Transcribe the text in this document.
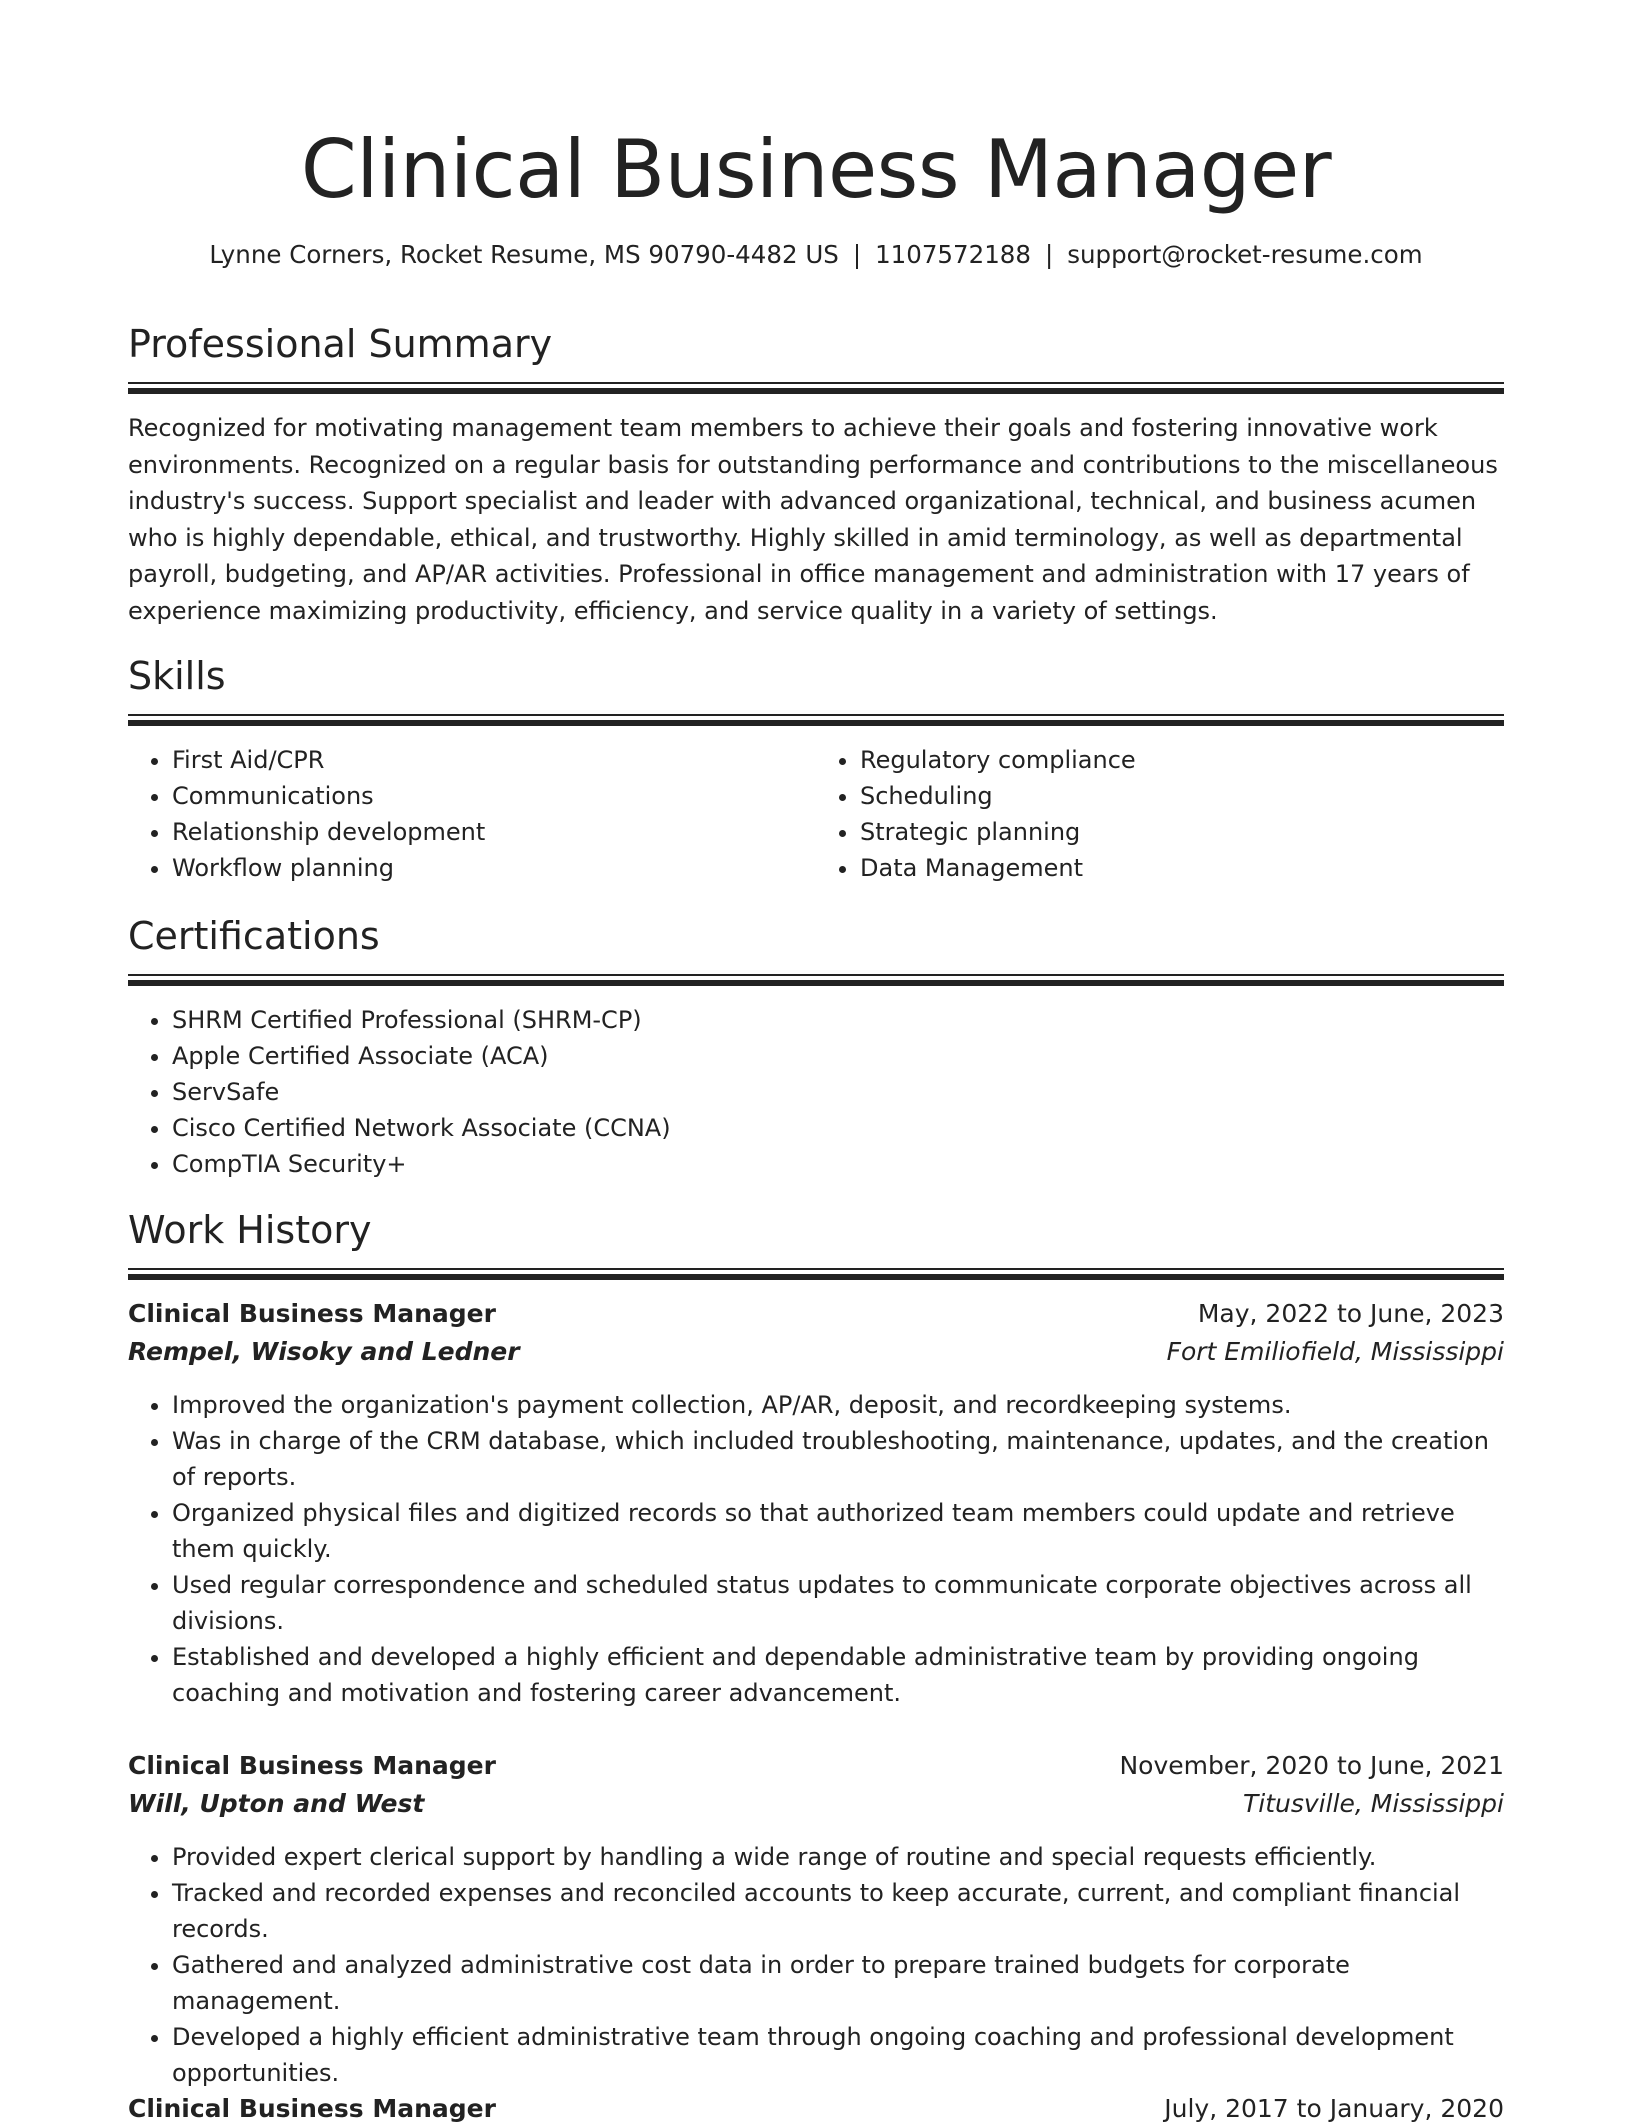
Clinical Business Manager
Lynne Corners, Rocket Resume, MS 90790-4482 US | 1107572188 | support@rocket-resume.com
Professional Summary
Recognized for motivating management team members to achieve their goals and fostering innovative work environments. Recognized on a regular basis for outstanding performance and contributions to the miscellaneous industry's success. Support specialist and leader with advanced organizational, technical, and business acumen who is highly dependable, ethical, and trustworthy. Highly skilled in amid terminology, as well as departmental payroll, budgeting, and AP/AR activities. Professional in office management and administration with 17 years of experience maximizing productivity, efficiency, and service quality in a variety of settings.
Skills
• First Aid/CPR
• Communications
• Relationship development
• Workflow planning
• Regulatory compliance
• Scheduling
• Strategic planning
• Data Management
Certifications
• SHRM Certified Professional (SHRM-CP)
• Apple Certified Associate (ACA)
• ServSafe
• Cisco Certified Network Associate (CCNA)
• CompTIA Security+
Work History
Clinical Business Manager	May, 2022 to June, 2023
Rempel, Wisoky and Ledner	Fort Emiliofield, Mississippi
• Improved the organization's payment collection, AP/AR, deposit, and recordkeeping systems.
• Was in charge of the CRM database, which included troubleshooting, maintenance, updates, and the creation of reports.
• Organized physical files and digitized records so that authorized team members could update and retrieve them quickly.
• Used regular correspondence and scheduled status updates to communicate corporate objectives across all divisions.
• Established and developed a highly efficient and dependable administrative team by providing ongoing coaching and motivation and fostering career advancement.
Clinical Business Manager	November, 2020 to June, 2021
Will, Upton and West	Titusville, Mississippi
• Provided expert clerical support by handling a wide range of routine and special requests efficiently.
• Tracked and recorded expenses and reconciled accounts to keep accurate, current, and compliant financial records.
• Gathered and analyzed administrative cost data in order to prepare trained budgets for corporate management.
• Developed a highly efficient administrative team through ongoing coaching and professional development opportunities.
Clinical Business Manager	July, 2017 to January, 2020
